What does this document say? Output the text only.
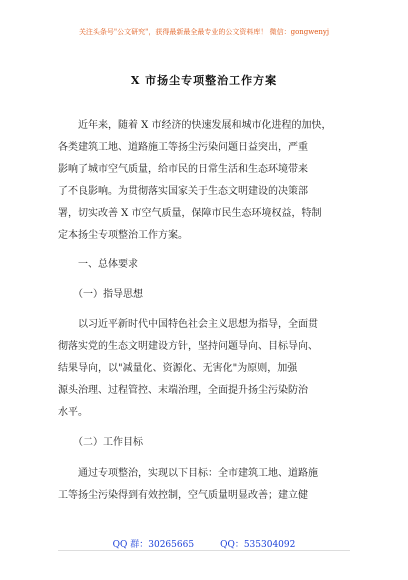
关注头条号"公文研究"，获得最新最全最专业的公文资料库！ 微信：gongwenyj
X 市扬尘专项整治工作方案
　　近年来，随着 X 市经济的快速发展和城市化进程的加快，
各类建筑工地、道路施工等扬尘污染问题日益突出，严重
影响了城市空气质量，给市民的日常生活和生态环境带来
了不良影响。为贯彻落实国家关于生态文明建设的决策部
署，切实改善 X 市空气质量，保障市民生态环境权益，特制
定本扬尘专项整治工作方案。
　　一、总体要求
　　（一）指导思想
　　以习近平新时代中国特色社会主义思想为指导，全面贯
彻落实党的生态文明建设方针，坚持问题导向、目标导向、
结果导向，以"减量化、资源化、无害化"为原则，加强
源头治理、过程管控、末端治理，全面提升扬尘污染防治
水平。
　　（二）工作目标
　　通过专项整治，实现以下目标：全市建筑工地、道路施
工等扬尘污染得到有效控制，空气质量明显改善；建立健
QQ 群：30265665	QQ：535304092
